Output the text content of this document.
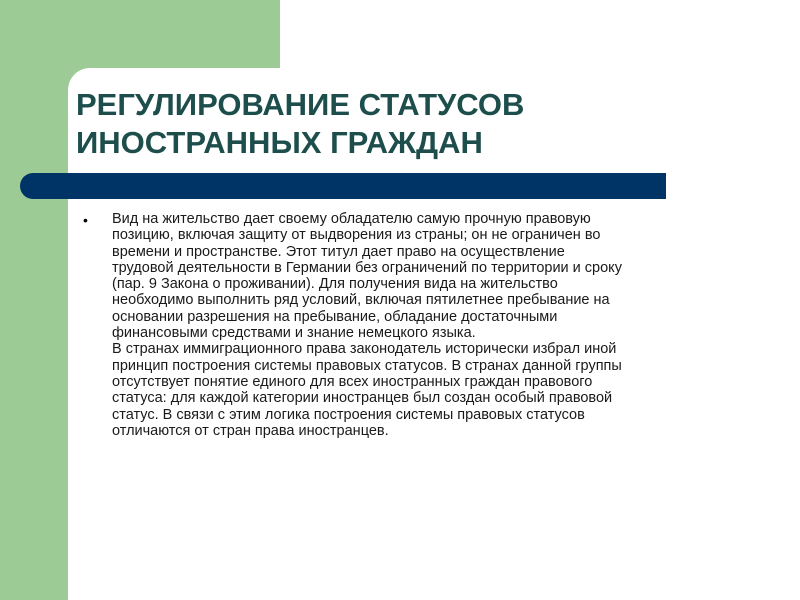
РЕГУЛИРОВАНИЕ СТАТУСОВ
ИНОСТРАННЫХ ГРАЖДАН
• Вид на жительство дает своему обладателю самую прочную правовую
позицию, включая защиту от выдворения из страны; он не ограничен во
времени и пространстве. Этот титул дает право на осуществление
трудовой деятельности в Германии без ограничений по территории и сроку
(пар. 9 Закона о проживании). Для получения вида на жительство
необходимо выполнить ряд условий, включая пятилетнее пребывание на
основании разрешения на пребывание, обладание достаточными
финансовыми средствами и знание немецкого языка.
В странах иммиграционного права законодатель исторически избрал иной
принцип построения системы правовых статусов. В странах данной группы
отсутствует понятие единого для всех иностранных граждан правового
статуса: для каждой категории иностранцев был создан особый правовой
статус. В связи с этим логика построения системы правовых статусов
отличаются от стран права иностранцев.
